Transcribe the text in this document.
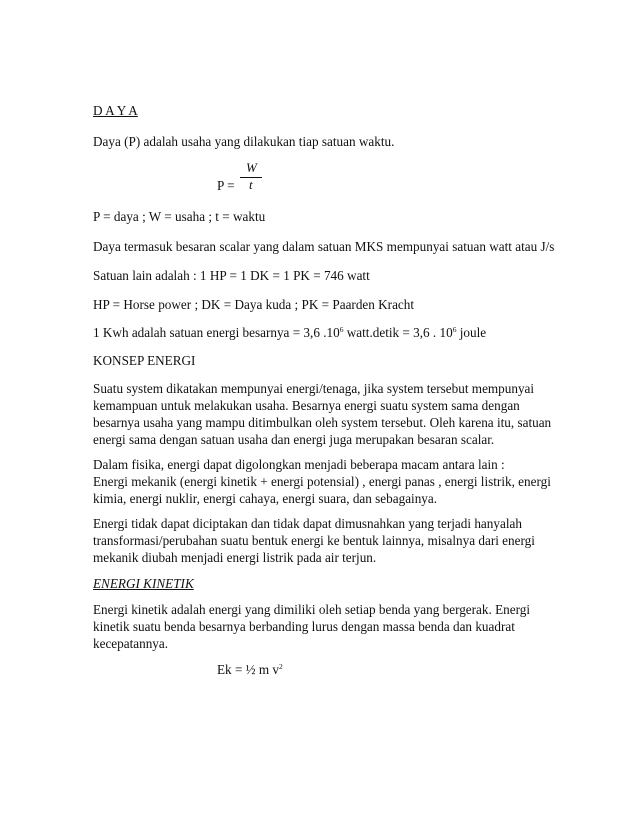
D A Y A
Daya (P) adalah usaha yang dilakukan tiap satuan waktu.
P =
W
t
P = daya ; W = usaha ; t = waktu
Daya termasuk besaran scalar yang dalam satuan MKS mempunyai satuan watt atau J/s
Satuan lain adalah : 1 HP = 1 DK = 1 PK = 746 watt
HP = Horse power ; DK = Daya kuda ; PK = Paarden Kracht
1 Kwh adalah satuan energi besarnya = 3,6 $.10^6$ watt.detik = 3,6 . $10^6$ joule
KONSEP ENERGI
Suatu system dikatakan mempunyai energi/tenaga, jika system tersebut mempunyai
kemampuan untuk melakukan usaha. Besarnya energi suatu system sama dengan
besarnya usaha yang mampu ditimbulkan oleh system tersebut. Oleh karena itu, satuan
energi sama dengan satuan usaha dan energi juga merupakan besaran scalar.
Dalam fisika, energi dapat digolongkan menjadi beberapa macam antara lain :
Energi mekanik (energi kinetik + energi potensial) , energi panas , energi listrik, energi
kimia, energi nuklir, energi cahaya, energi suara, dan sebagainya.
Energi tidak dapat diciptakan dan tidak dapat dimusnahkan yang terjadi hanyalah
transformasi/perubahan suatu bentuk energi ke bentuk lainnya, misalnya dari energi
mekanik diubah menjadi energi listrik pada air terjun.
ENERGI KINETIK
Energi kinetik adalah energi yang dimiliki oleh setiap benda yang bergerak. Energi
kinetik suatu benda besarnya berbanding lurus dengan massa benda dan kuadrat
kecepatannya.
Ek = ½ m $v^2$
